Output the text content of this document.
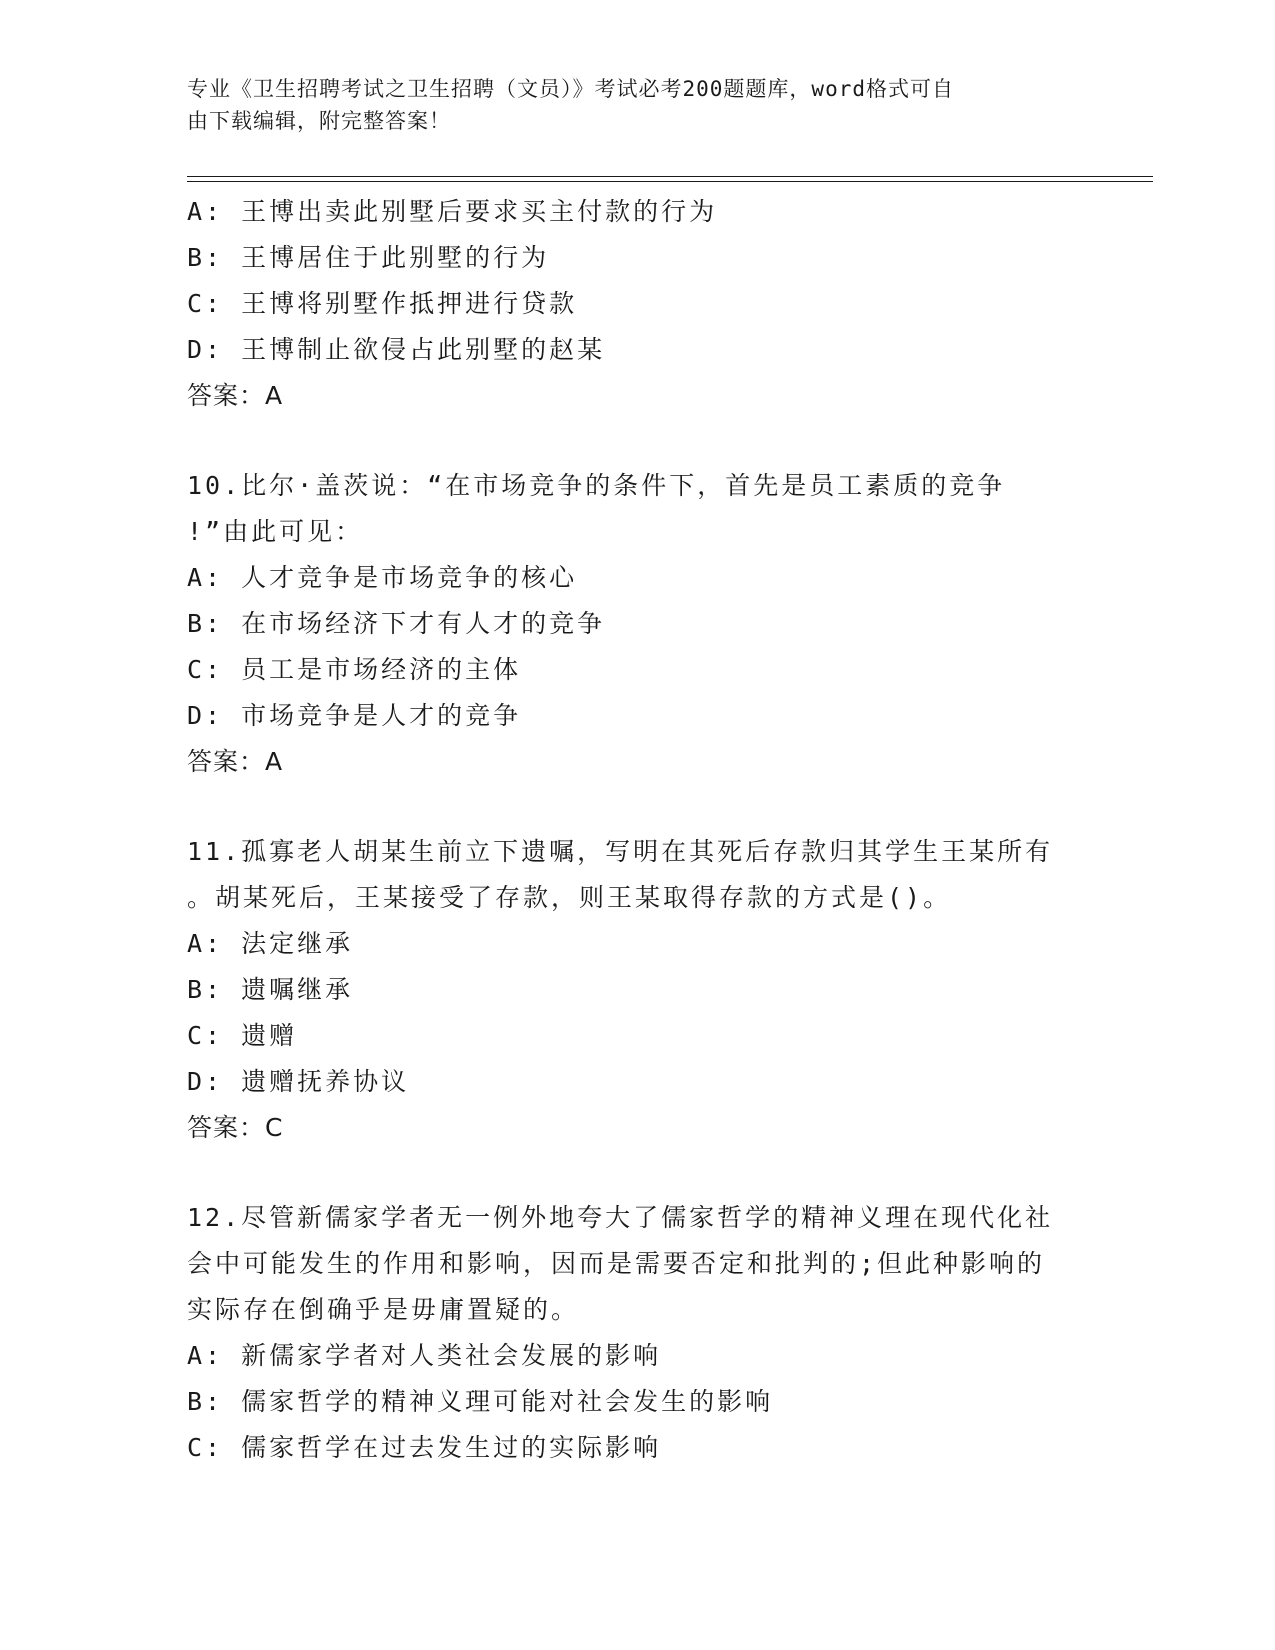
专业《卫生招聘考试之卫生招聘（文员）》考试必考200题题库，word格式可自
由下载编辑，附完整答案！
A: 王博出卖此别墅后要求买主付款的行为
B: 王博居住于此别墅的行为
C: 王博将别墅作抵押进行贷款
D: 王博制止欲侵占此别墅的赵某
答案：A
10.比尔·盖茨说：“在市场竞争的条件下，首先是员工素质的竞争
!”由此可见：
A: 人才竞争是市场竞争的核心
B: 在市场经济下才有人才的竞争
C: 员工是市场经济的主体
D: 市场竞争是人才的竞争
答案：A
11.孤寡老人胡某生前立下遗嘱，写明在其死后存款归其学生王某所有
。胡某死后，王某接受了存款，则王某取得存款的方式是()。
A: 法定继承
B: 遗嘱继承
C: 遗赠
D: 遗赠抚养协议
答案：C
12.尽管新儒家学者无一例外地夸大了儒家哲学的精神义理在现代化社
会中可能发生的作用和影响，因而是需要否定和批判的;但此种影响的
实际存在倒确乎是毋庸置疑的。
A: 新儒家学者对人类社会发展的影响
B: 儒家哲学的精神义理可能对社会发生的影响
C: 儒家哲学在过去发生过的实际影响
